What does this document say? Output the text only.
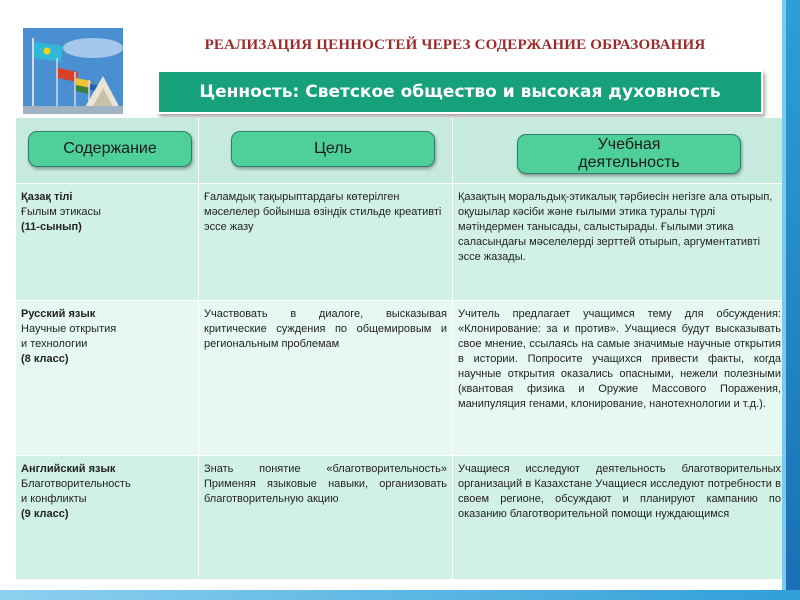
РЕАЛИЗАЦИЯ ЦЕННОСТЕЙ ЧЕРЕЗ СОДЕРЖАНИЕ ОБРАЗОВАНИЯ
Ценность: Светское общество и высокая духовность
Қазақ тілі
Ғылым этикасы
(11-сынып)
Ғаламдық тақырыптардағы көтерілген мәселелер бойынша өзіндік стильде креативті эссе жазу
Қазақтың моральдық-этикалық тәрбиесін негізге ала отырып, оқушылар кәсіби және ғылыми этика туралы түрлі мәтіндермен танысады, салыстырады. Ғылыми этика саласындағы мәселелерді зерттей отырып, аргументативті эссе жазады.
Русский язык
Научные открытия
и технологии
(8 класс)
Участвовать в диалоге, высказывая критические суждения по общемировым и региональным проблемам
Учитель предлагает учащимся тему для обсуждения: «Клонирование: за и против». Учащиеся будут высказывать свое мнение, ссылаясь на самые значимые научные открытия в истории. Попросите учащихся привести факты, когда научные открытия оказались опасными, нежели полезными (квантовая физика и Оружие Массового Поражения, манипуляция генами, клонирование, нанотехнологии и т.д.).
Английский язык
Благотворительность
и конфликты
(9 класс)
Знать понятие «благотворительность» Применяя языковые навыки, организовать благотворительную акцию
Учащиеся исследуют деятельность благотворительных организаций в Казахстане Учащиеся исследуют потребности в своем регионе, обсуждают и планируют кампанию по оказанию благотворительной помощи нуждающимся
Содержание	Цель	Учебная деятельность
